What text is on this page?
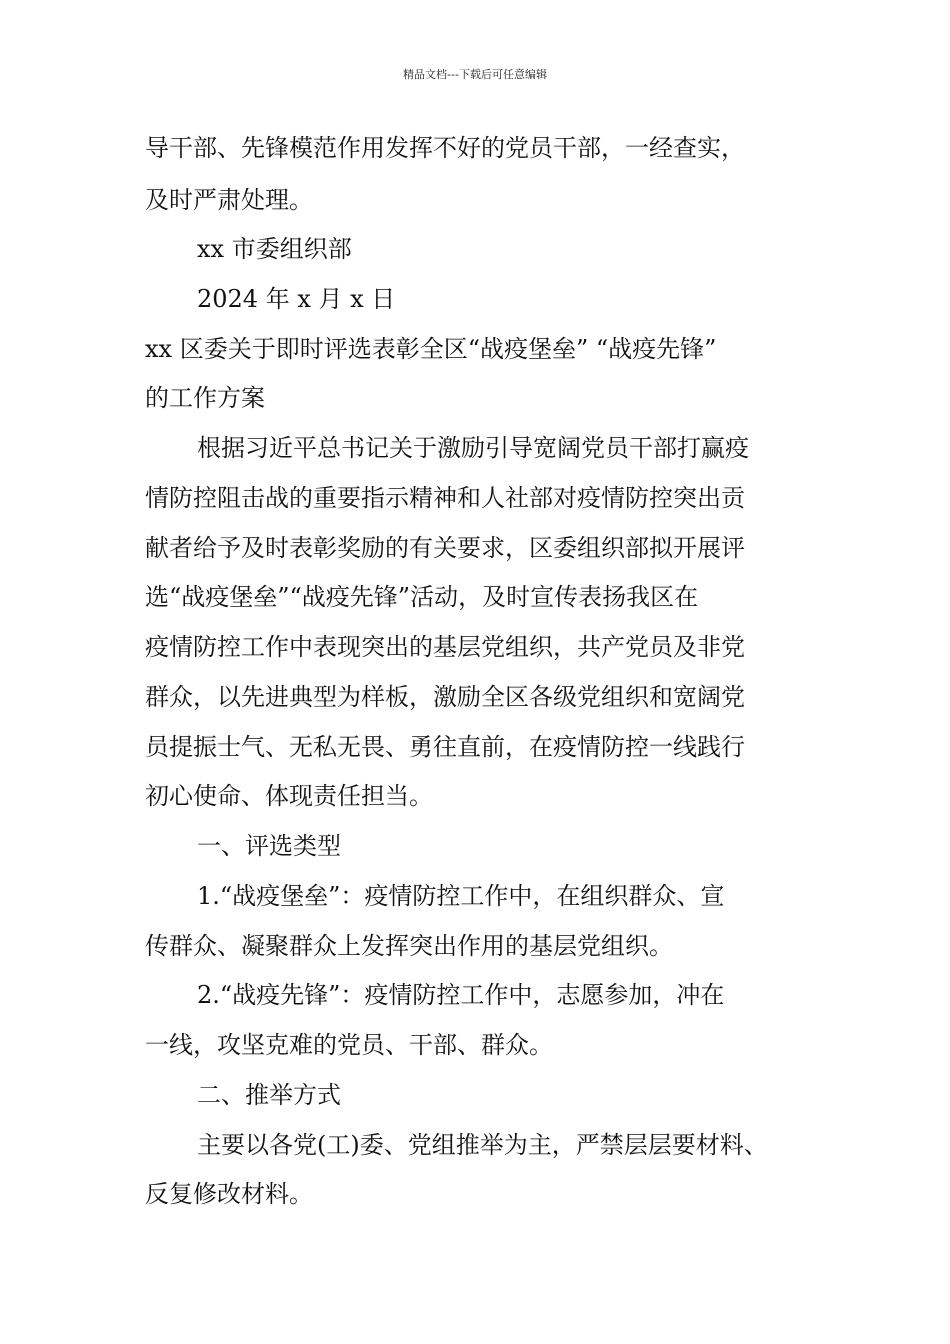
精品文档---下载后可任意编辑
导干部、先锋模范作用发挥不好的党员干部，一经查实，
及时严肃处理。
xx 市委组织部
2024 年 x 月 x 日
xx 区委关于即时评选表彰全区“战疫堡垒” “战疫先锋”
的工作方案
根据习近平总书记关于激励引导宽阔党员干部打赢疫
情防控阻击战的重要指示精神和人社部对疫情防控突出贡
献者给予及时表彰奖励的有关要求，区委组织部拟开展评
选“战疫堡垒”“战疫先锋”活动，及时宣传表扬我区在
疫情防控工作中表现突出的基层党组织，共产党员及非党
群众，以先进典型为样板，激励全区各级党组织和宽阔党
员提振士气、无私无畏、勇往直前，在疫情防控一线践行
初心使命、体现责任担当。
一、评选类型
1.“战疫堡垒”：疫情防控工作中，在组织群众、宣
传群众、凝聚群众上发挥突出作用的基层党组织。
2.“战疫先锋”：疫情防控工作中，志愿参加，冲在
一线，攻坚克难的党员、干部、群众。
二、推举方式
主要以各党(工)委、党组推举为主，严禁层层要材料、
反复修改材料。
